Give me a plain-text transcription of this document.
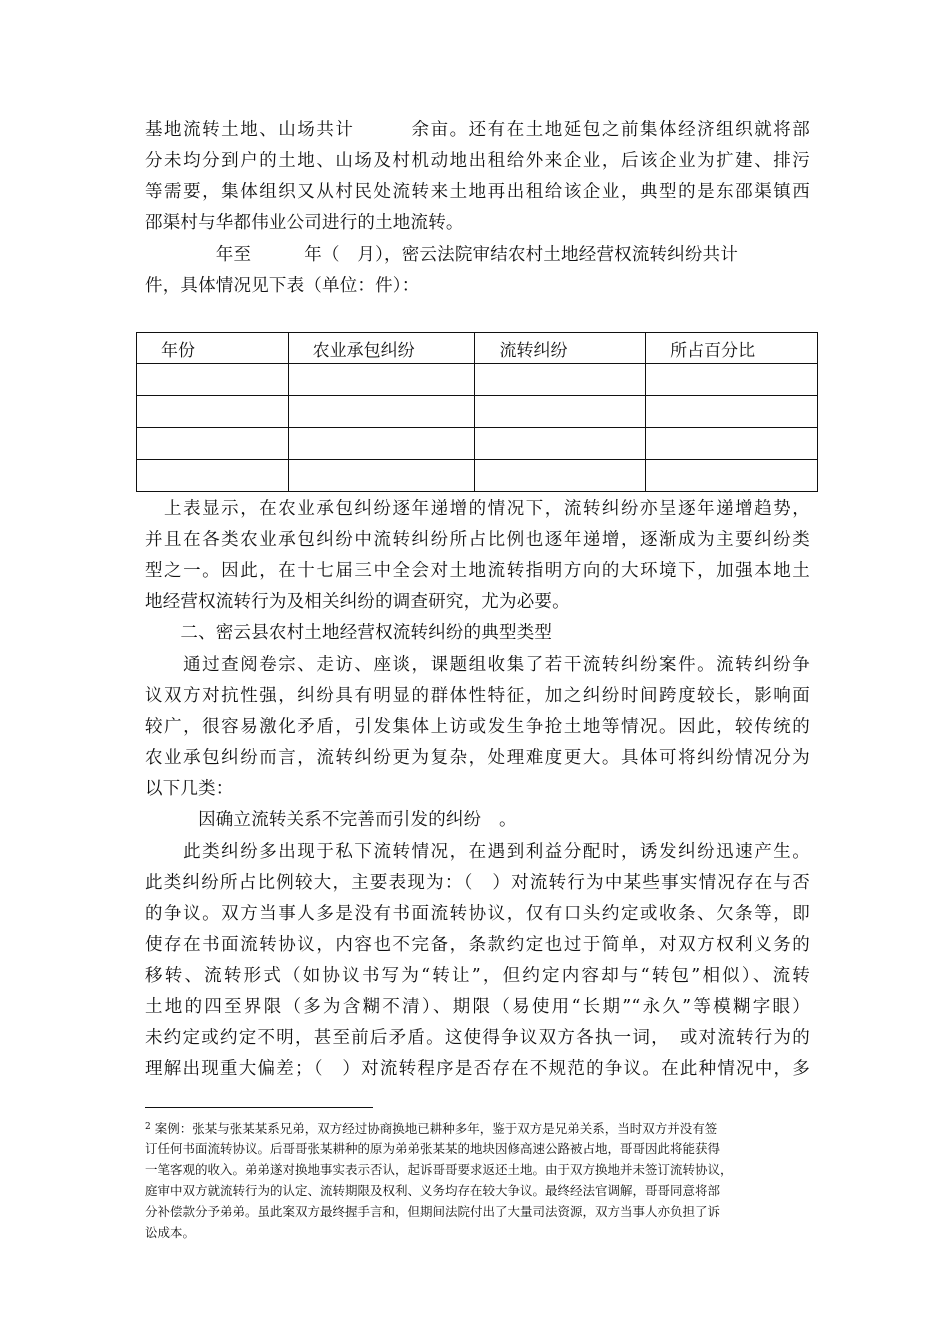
基地流转土地、山场共计　　　余亩。还有在土地延包之前集体经济组织就将部
分未均分到户的土地、山场及村机动地出租给外来企业，后该企业为扩建、排污
等需要，集体组织又从村民处流转来土地再出租给该企业，典型的是东邵渠镇西
邵渠村与华都伟业公司进行的土地流转。
　　　　年至　　　年（　月），密云法院审结农村土地经营权流转纠纷共计
件，具体情况见下表（单位：件）：
年份	农业承包纠纷	流转纠纷	所占百分比

　上表显示，在农业承包纠纷逐年递增的情况下，流转纠纷亦呈逐年递增趋势，
并且在各类农业承包纠纷中流转纠纷所占比例也逐年递增，逐渐成为主要纠纷类
型之一。因此，在十七届三中全会对土地流转指明方向的大环境下，加强本地土
地经营权流转行为及相关纠纷的调查研究，尤为必要。
　　二、密云县农村土地经营权流转纠纷的典型类型
　　通过查阅卷宗、走访、座谈，课题组收集了若干流转纠纷案件。流转纠纷争
议双方对抗性强，纠纷具有明显的群体性特征，加之纠纷时间跨度较长，影响面
较广，很容易激化矛盾，引发集体上访或发生争抢土地等情况。因此，较传统的
农业承包纠纷而言，流转纠纷更为复杂，处理难度更大。具体可将纠纷情况分为
以下几类：
　　　因确立流转关系不完善而引发的纠纷　。
　　此类纠纷多出现于私下流转情况，在遇到利益分配时，诱发纠纷迅速产生。
此类纠纷所占比例较大，主要表现为：（　）对流转行为中某些事实情况存在与否
的争议。双方当事人多是没有书面流转协议，仅有口头约定或收条、欠条等，即
使存在书面流转协议，内容也不完备，条款约定也过于简单，对双方权利义务的
移转、流转形式（如协议书写为“转让”，但约定内容却与“转包”相似）、流转
土地的四至界限（多为含糊不清）、期限（易使用“长期”“永久”等模糊字眼）
未约定或约定不明，甚至前后矛盾。这使得争议双方各执一词，　或对流转行为的
理解出现重大偏差；（　）对流转程序是否存在不规范的争议。在此种情况中，多
$^2$ 案例：张某与张某某系兄弟，双方经过协商换地已耕种多年，鉴于双方是兄弟关系，当时双方并没有签
订任何书面流转协议。后哥哥张某耕种的原为弟弟张某某的地块因修高速公路被占地，哥哥因此将能获得
一笔客观的收入。弟弟遂对换地事实表示否认，起诉哥哥要求返还土地。由于双方换地并未签订流转协议，
庭审中双方就流转行为的认定、流转期限及权利、义务均存在较大争议。最终经法官调解，哥哥同意将部
分补偿款分予弟弟。虽此案双方最终握手言和，但期间法院付出了大量司法资源，双方当事人亦负担了诉
讼成本。
